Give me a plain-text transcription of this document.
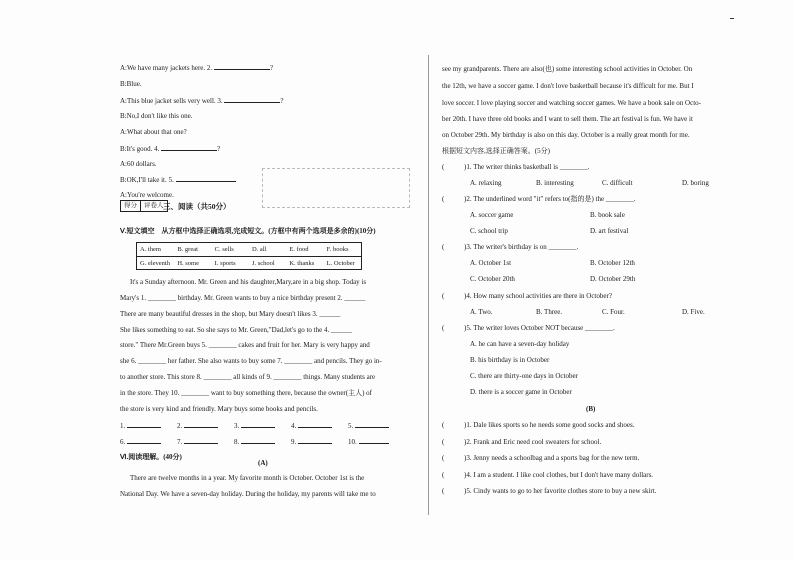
A:We have many jackets here. 2.	?
B:Blue.
A:This blue jacket sells very well. 3.	?
B:No,I don't like this one.
A:What about that one?
B:It's good. 4.	?
A:60 dollars.
B:OK,I'll take it. 5.
A:You're welcome.
得分	评卷人 三、阅读（共50分）
Ⅴ.短文填空　从方框中选择正确选项,完成短文。(方框中有两个选项是多余的)(10分)
A. them	B. great	C. sells	D. all	E. food	F. books
G. eleventh	H. some	I. sports	J. school	K. thanks	L. October
It's a Sunday afternoon. Mr. Green and his daughter,Mary,are in a big shop. Today is
Mary's 1. ________ birthday. Mr. Green wants to buy a nice birthday present 2. ______
There are many beautiful dresses in the shop, but Mary doesn't likes 3. ______
She likes something to eat. So she says to Mr. Green,"Dad,let's go to the 4. ______
store." There Mr.Green buys 5. ________ cakes and fruit for her. Mary is very happy and
she 6. ________ her father. She also wants to buy some 7. ________ and pencils. They go in-
to another store. This store 8. ________ all kinds of 9. ________ things. Many students are
in the store. They 10. ________ want to buy something there, because the owner(主人) of
the store is very kind and friendly. Mary buys some books and pencils.
1.	2.	3.	4.	5.
6.	7.	8.	9.	10.
Ⅵ.阅读理解。(40分)
(A)
There are twelve months in a year. My favorite month is October. October 1st is the
National Day. We have a seven-day holiday. During the holiday, my parents will take me to
see my grandparents. There are also(也) some interesting school activities in October. On
the 12th, we have a soccer game. I don't love basketball because it's difficult for me. But I
love soccer. I love playing soccer and watching soccer games. We have a book sale on Octo-
ber 20th. I have three old books and I want to sell them. The art festival is fun. We have it
on October 29th. My birthday is also on this day. October is a really great month for me.
根据短文内容,选择正确答案。(5分)
(	)1. The writer thinks basketball is ________.
A. relaxing	B. interesting	C. difficult	D. boring
(	)2. The underlined word "it" refers to(指的是) the ________.
A. soccer game	B. book sale
C. school trip	D. art festival
(	)3. The writer's birthday is on ________.
A. October 1st	B. October 12th
C. October 20th	D. October 29th
(	)4. How many school activities are there in October?
A. Two.	B. Three.	C. Four.	D. Five.
(	)5. The writer loves October NOT because ________.
A. he can have a seven-day holiday
B. his birthday is in October
C. there are thirty-one days in October
D. there is a soccer game in October
(B)
(	)1. Dale likes sports so he needs some good socks and shoes.
(	)2. Frank and Eric need cool sweaters for school.
(	)3. Jenny needs a schoolbag and a sports bag for the new term.
(	)4. I am a student. I like cool clothes, but I don't have many dollars.
(	)5. Cindy wants to go to her favorite clothes store to buy a new skirt.
